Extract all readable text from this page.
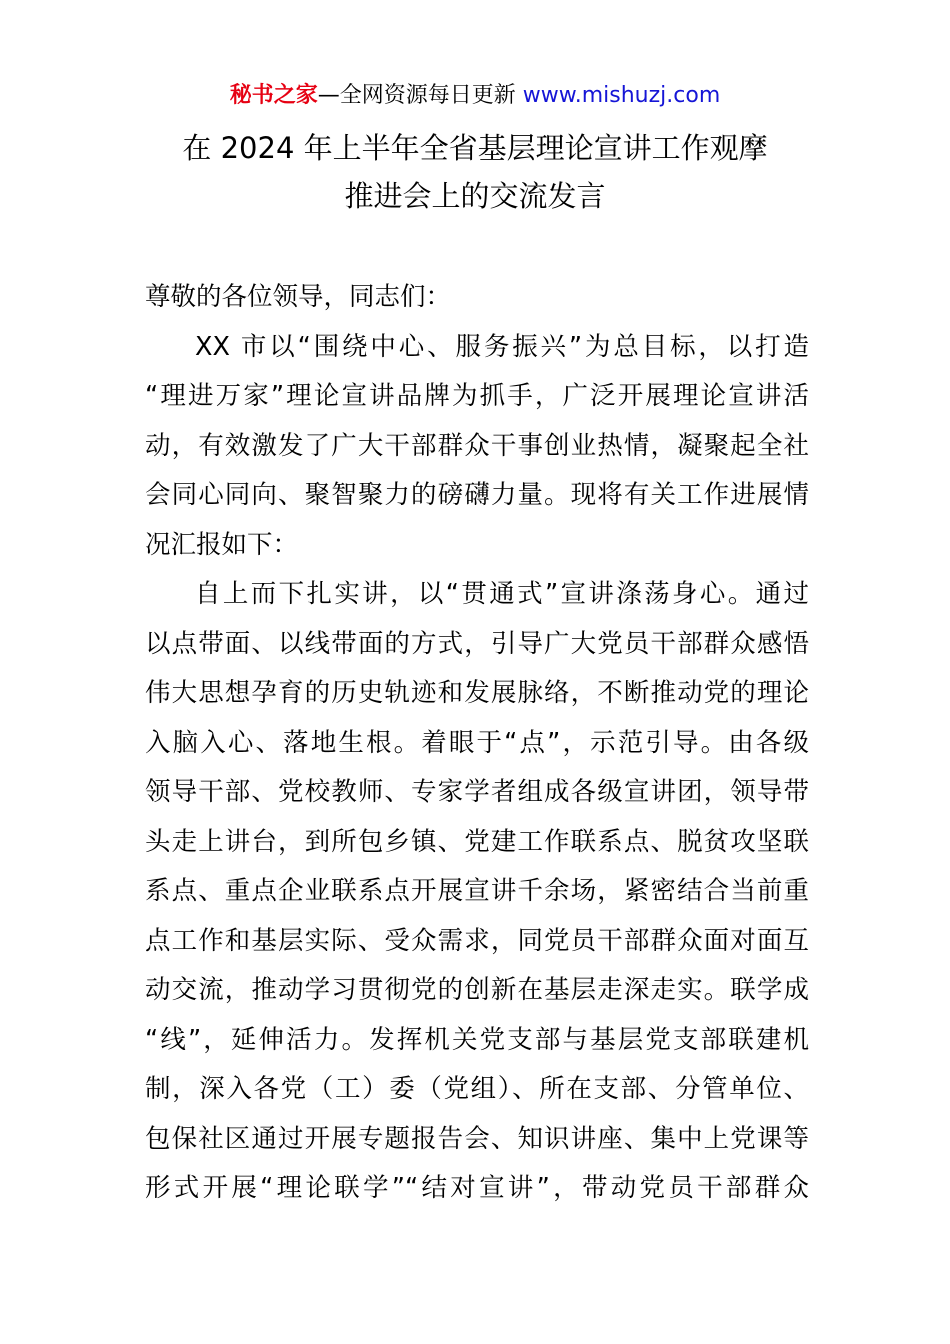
秘书之家—全网资源每日更新 www.mishuzj.com
在 2024 年上半年全省基层理论宣讲工作观摩
推进会上的交流发言

尊敬的各位领导，同志们：

XX 市以“围绕中心、服务振兴”为总目标，以打造
“理进万家”理论宣讲品牌为抓手，广泛开展理论宣讲活
动，有效激发了广大干部群众干事创业热情，凝聚起全社
会同心同向、聚智聚力的磅礴力量。现将有关工作进展情
况汇报如下：

自上而下扎实讲，以“贯通式”宣讲涤荡身心。通过
以点带面、以线带面的方式，引导广大党员干部群众感悟
伟大思想孕育的历史轨迹和发展脉络，不断推动党的理论
入脑入心、落地生根。着眼于“点”，示范引导。由各级
领导干部、党校教师、专家学者组成各级宣讲团，领导带
头走上讲台，到所包乡镇、党建工作联系点、脱贫攻坚联
系点、重点企业联系点开展宣讲千余场，紧密结合当前重
点工作和基层实际、受众需求，同党员干部群众面对面互
动交流，推动学习贯彻党的创新在基层走深走实。联学成
“线”，延伸活力。发挥机关党支部与基层党支部联建机
制，深入各党（工）委（党组）、所在支部、分管单位、
包保社区通过开展专题报告会、知识讲座、集中上党课等
形式开展“理论联学”“结对宣讲”，带动党员干部群众
